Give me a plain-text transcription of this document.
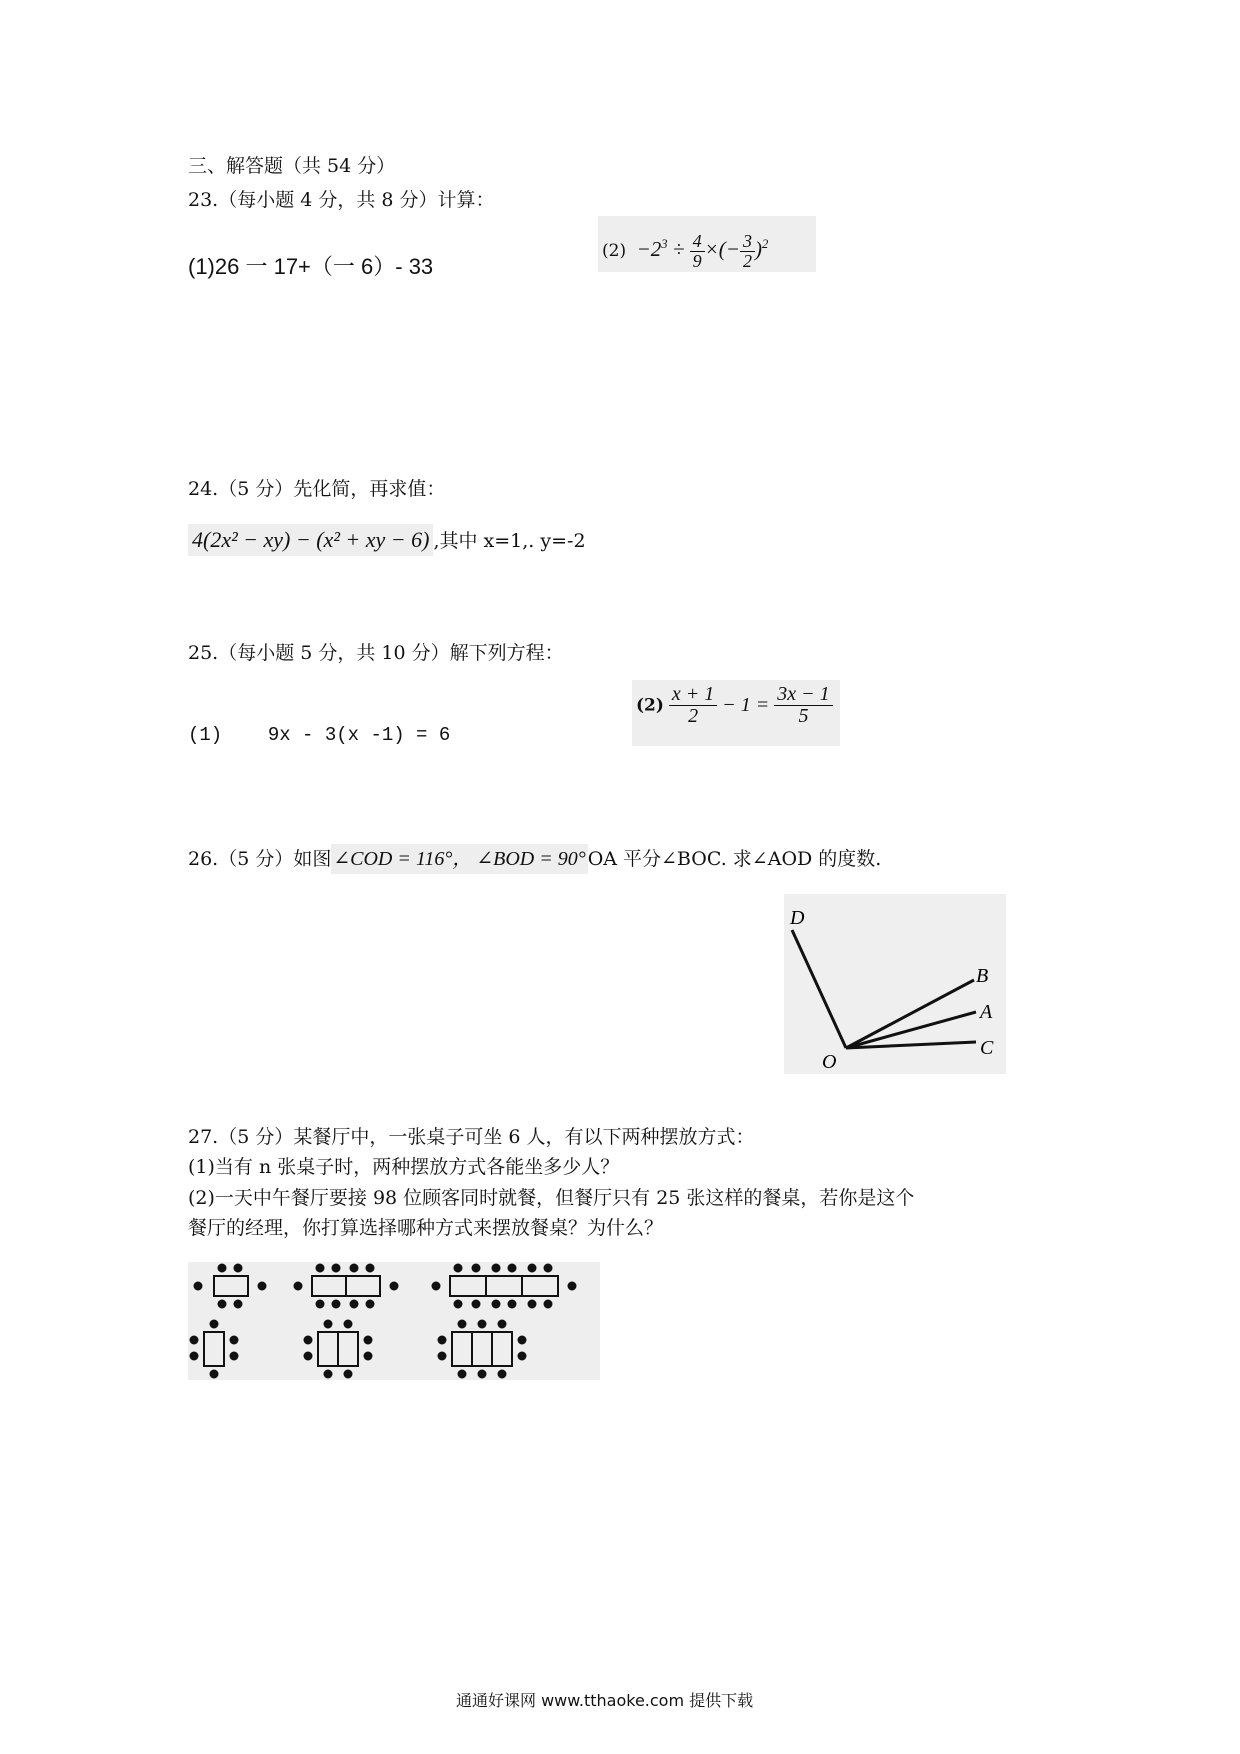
三、解答题（共 54 分）
23.（每小题 4 分，共 8 分）计算：
(1)26 一 17+（一 6）- 33
$(2) -2^3 \div \frac{4}{9}$ ×(− $\frac{3}{2} )^2$
24.（5 分）先化简，再求值：
4(2x² − xy) − (x² + xy − 6) ,其中 x=1,. y=-2
25.（每小题 5 分，共 10 分）解下列方程：
(1) 9x - 3(x -1) = 6
$(2) \frac{x + 1}{2} - 1 = \frac{3x - 1}{5}$
26.（5 分）如图 ∠COD = 116°， ∠BOD = 90° OA 平分∠BOC. 求∠AOD 的度数.
D
B
A
C
O
27.（5 分）某餐厅中，一张桌子可坐 6 人，有以下两种摆放方式：
(1)当有 n 张桌子时，两种摆放方式各能坐多少人？
(2)一天中午餐厅要接 98 位顾客同时就餐，但餐厅只有 25 张这样的餐桌，若你是这个
餐厅的经理，你打算选择哪种方式来摆放餐桌？为什么？
通通好课网 www.tthaoke.com 提供下载
